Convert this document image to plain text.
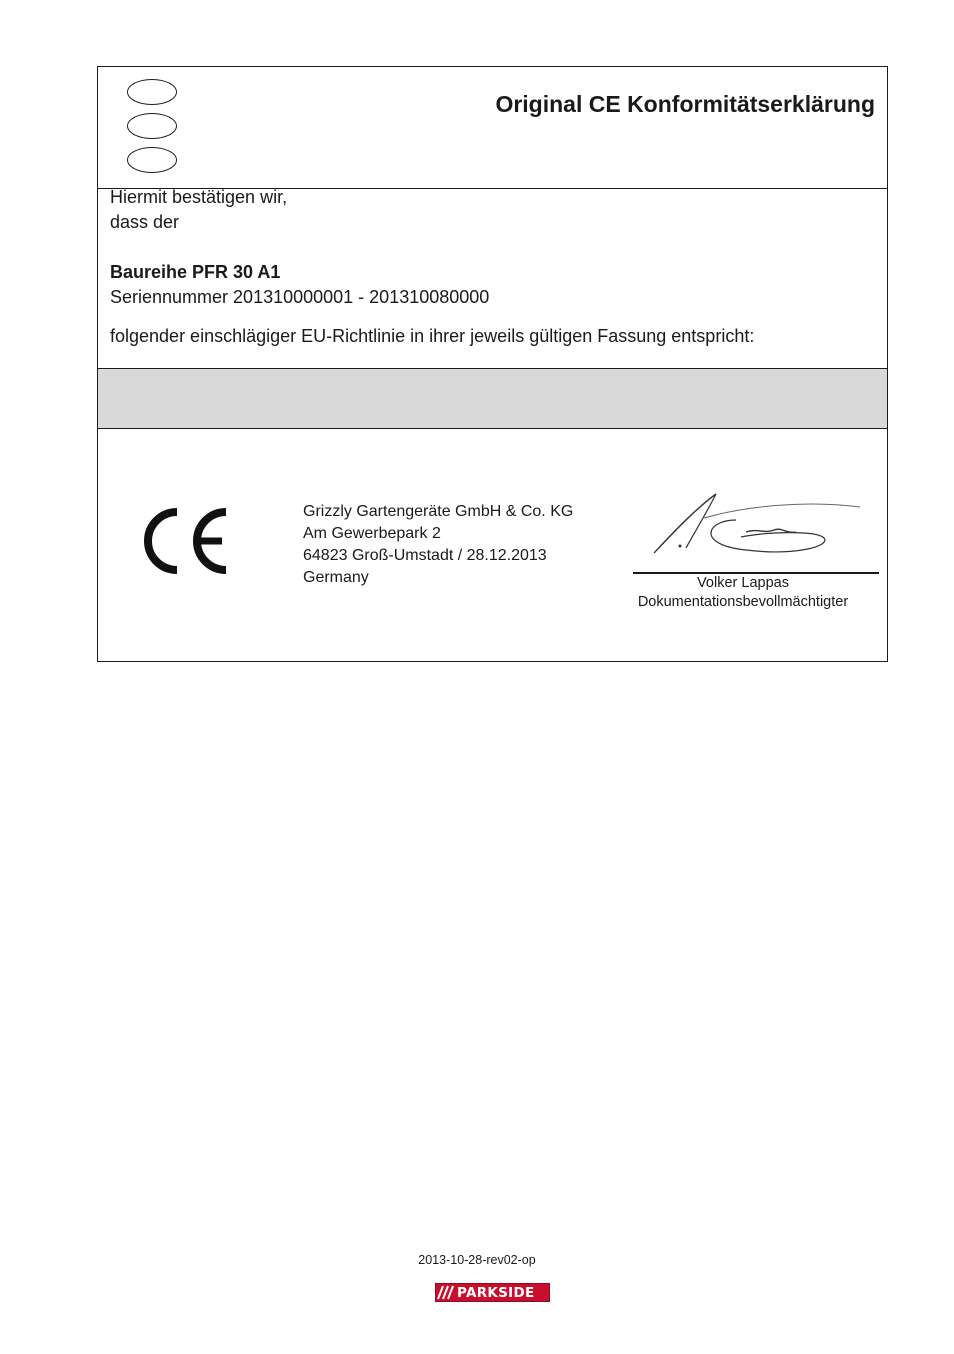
Original CE Konformitätserklärung
Hiermit bestätigen wir,
dass der
Baureihe PFR 30 A1
Seriennummer 201310000001 - 201310080000
folgender einschlägiger EU-Richtlinie in ihrer jeweils gültigen Fassung entspricht:
Grizzly Gartengeräte GmbH & Co. KG
Am Gewerbepark 2
64823 Groß-Umstadt / 28.12.2013
Germany	Volker Lappas
Dokumentationsbevollmächtigter
2013-10-28-rev02-op
PARKSIDE
